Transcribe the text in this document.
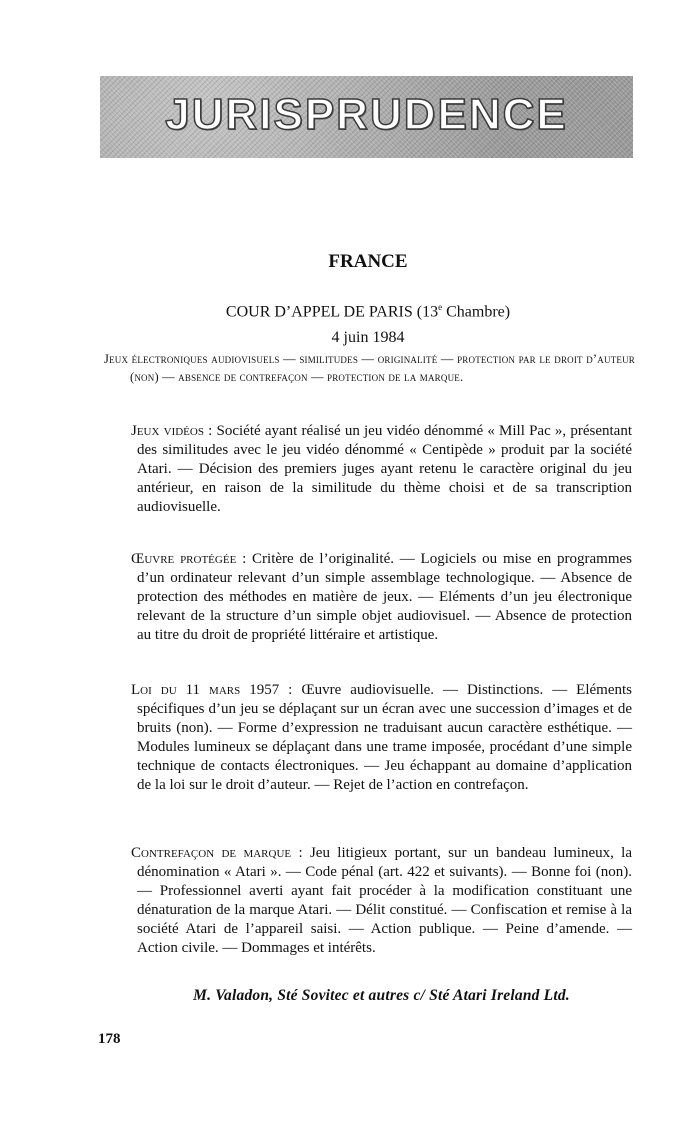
JURISPRUDENCE
FRANCE
COUR D’APPEL DE PARIS (13e Chambre)
4 juin 1984
Jeux électroniques audiovisuels — similitudes — originalité — protection par le droit d’auteur (non) — absence de contrefaçon — protection de la marque.
Jeux vidéos : Société ayant réalisé un jeu vidéo dénommé « Mill Pac », présentant des similitudes avec le jeu vidéo dénommé « Centipède » produit par la société Atari. — Décision des premiers juges ayant retenu le caractère original du jeu antérieur, en raison de la similitude du thème choisi et de sa transcription audiovisuelle.
Œuvre protégée : Critère de l’originalité. — Logiciels ou mise en programmes d’un ordinateur relevant d’un simple assemblage technologique. — Absence de protection des méthodes en matière de jeux. — Eléments d’un jeu électronique relevant de la structure d’un simple objet audiovisuel. — Absence de protection au titre du droit de propriété littéraire et artistique.
Loi du 11 mars 1957 : Œuvre audiovisuelle. — Distinctions. — Eléments spécifiques d’un jeu se déplaçant sur un écran avec une succession d’images et de bruits (non). — Forme d’expression ne traduisant aucun caractère esthétique. — Modules lumineux se déplaçant dans une trame imposée, procédant d’une simple technique de contacts électroniques. — Jeu échappant au domaine d’application de la loi sur le droit d’auteur. — Rejet de l’action en contrefaçon.
Contrefaçon de marque : Jeu litigieux portant, sur un bandeau lumineux, la dénomination « Atari ». — Code pénal (art. 422 et suivants). — Bonne foi (non). — Professionnel averti ayant fait procéder à la modification constituant une dénaturation de la marque Atari. — Délit constitué. — Confiscation et remise à la société Atari de l’appareil saisi. — Action publique. — Peine d’amende. — Action civile. — Dommages et intérêts.
M. Valadon, Sté Sovitec et autres c/ Sté Atari Ireland Ltd.
178
